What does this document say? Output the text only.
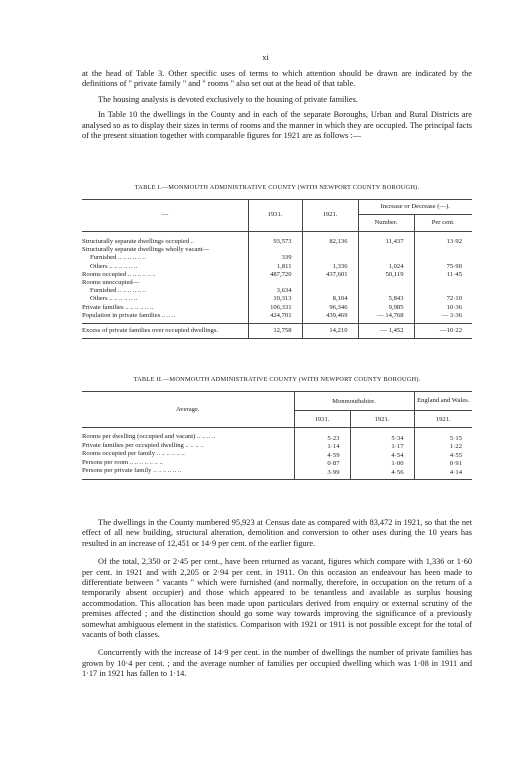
xi

at the head of Table 3. Other specific uses of terms to which attention should be drawn are indicated by the definitions of " private family " and " rooms " also set out at the head of that table.

The housing analysis is devoted exclusively to the housing of private families.

In Table 10 the dwellings in the County and in each of the separate Boroughs, Urban and Rural Districts are analysed so as to display their sizes in terms of rooms and the manner in which they are occupied. The principal facts of the present situation together with comparable figures for 1921 are as follows :—

TABLE I.—MONMOUTH ADMINISTRATIVE COUNTY (WITH NEWPORT COUNTY BOROUGH).
—	1931.	1921.	Increase or Decrease (—).	
			Number.	Per cent.

Structurally separate dwellings occupied ..	93,573	82,136	11,437	13·92
Structurally separate dwellings wholly vacant—				
Furnished .. .. .. .. .. ..	339			
Others .. .. .. .. .. ..	1,811	1,336	1,024	75·90
Rooms occupied .. .. .. .. .. ..	487,720	437,601	50,119	11·45
Rooms unoccupied—				
Furnished .. .. .. .. .. ..	3,634			
Others .. .. .. .. .. ..	10,313	8,104	5,843	72·10
Private families .. .. .. .. .. ..	106,331	96,346	9,985	10·36
Population in private families .. .. ..	424,701	439,469	— 14,768	— 3·36
Excess of private families over occupied dwellings.	12,758	14,210	— 1,452	—10·22
TABLE II.—MONMOUTH ADMINISTRATIVE COUNTY (WITH NEWPORT COUNTY BOROUGH).
Average.	Monmouthshire.		England and Wales.
	1931.	1921.	1921.

Rooms per dwelling (occupied and vacant) .. .. .. ..	5·23	5·34	5·15
Private families per occupied dwelling .. .. .. ..	1·14	1·17	1·22
Rooms occupied per family .. .. .. .. .. ..	4·59	4·54	4·55
Persons per room .. .. .. .. .. .. ..	0·87	1·00	0·91
Persons per private family .. .. .. .. .. ..	3·99	4·56	4·14

The dwellings in the County numbered 95,923 at Census date as compared with 83,472 in 1921, so that the net effect of all new building, structural alteration, demolition and conversion to other uses during the 10 years has resulted in an increase of 12,451 or 14·9 per cent. of the earlier figure.

Of the total, 2,350 or 2·45 per cent., have been returned as vacant, figures which compare with 1,336 or 1·60 per cent. in 1921 and with 2,205 or 2·94 per cent. in 1911. On this occasion an endeavour has been made to differentiate between " vacants " which were furnished (and normally, therefore, in occupation on the return of a temporarily absent occupier) and those which appeared to be tenantless and available as surplus housing accommodation. This allocation has been made upon particulars derived from enquiry or external scrutiny of the premises affected ; and the distinction should go some way towards improving the significance of a previously somewhat ambiguous element in the statistics. Comparison with 1921 or 1911 is not possible except for the total of vacants of both classes.

Concurrently with the increase of 14·9 per cent. in the number of dwellings the number of private families has grown by 10·4 per cent. ; and the average number of families per occupied dwelling which was 1·08 in 1911 and 1·17 in 1921 has fallen to 1·14.
